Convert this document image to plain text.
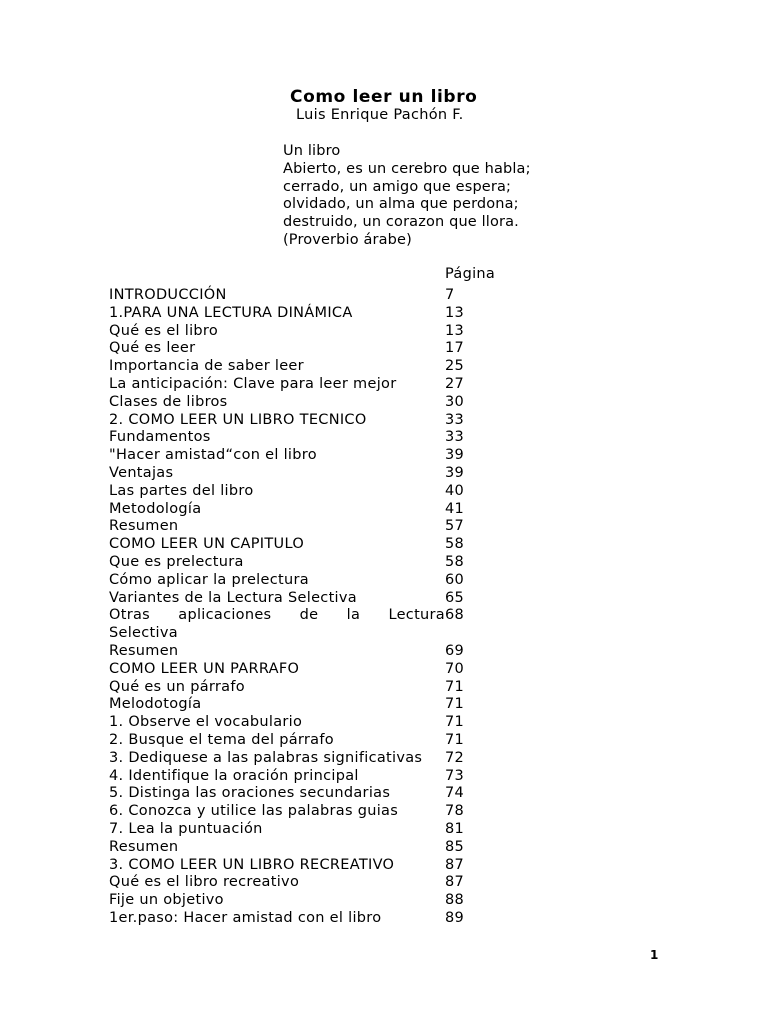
Como leer un libro
Luis Enrique Pachón F.
Un libro
Abierto, es un cerebro que habla;
cerrado, un amigo que espera;
olvidado, un alma que perdona;
destruido, un corazon que llora.
(Proverbio árabe)
Página
INTRODUCCIÓN	7
1.PARA UNA LECTURA DINÁMICA	13
Qué es el libro	13
Qué es leer	17
Importancia de saber leer	25
La anticipación: Clave para leer mejor	27
Clases de libros	30
2. COMO LEER UN LIBRO TECNICO	33
Fundamentos	33
"Hacer amistad“con el libro	39
Ventajas	39
Las partes del libro	40
Metodología	41
Resumen	57
COMO LEER UN CAPITULO	58
Que es prelectura	58
Cómo aplicar la prelectura	60
Variantes de la Lectura Selectiva	65
Otras aplicaciones de la Lectura 68
Selectiva
Resumen	69
COMO LEER UN PARRAFO	70
Qué es un párrafo	71
Melodotogía	71
1. Observe el vocabulario	71
2. Busque el tema del párrafo	71
3. Dediquese a las palabras significativas	72
4. Identifique la oración principal	73
5. Distinga las oraciones secundarias	74
6. Conozca y utilice las palabras guias	78
7. Lea la puntuación	81
Resumen	85
3. COMO LEER UN LIBRO RECREATIVO	87
Qué es el libro recreativo	87
Fije un objetivo	88
1er.paso: Hacer amistad con el libro	89
1
